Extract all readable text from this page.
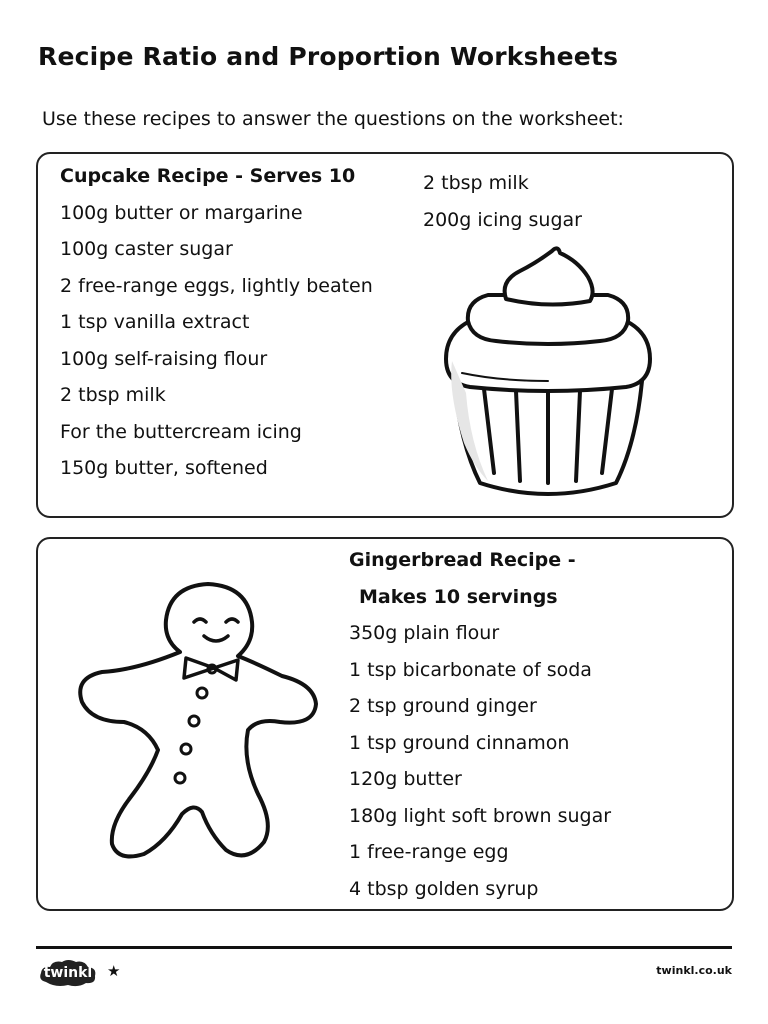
Recipe Ratio and Proportion Worksheets
Use these recipes to answer the questions on the worksheet:
Cupcake Recipe - Serves 10
100g butter or margarine
100g caster sugar
2 free-range eggs, lightly beaten
1 tsp vanilla extract
100g self-raising flour
2 tbsp milk
For the buttercream icing
150g butter, softened
2 tbsp milk
200g icing sugar
Gingerbread Recipe -
Makes 10 servings
350g plain flour
1 tsp bicarbonate of soda
2 tsp ground ginger
1 tsp ground cinnamon
120g butter
180g light soft brown sugar
1 free-range egg
4 tbsp golden syrup
twinkl ★	twinkl.co.uk
